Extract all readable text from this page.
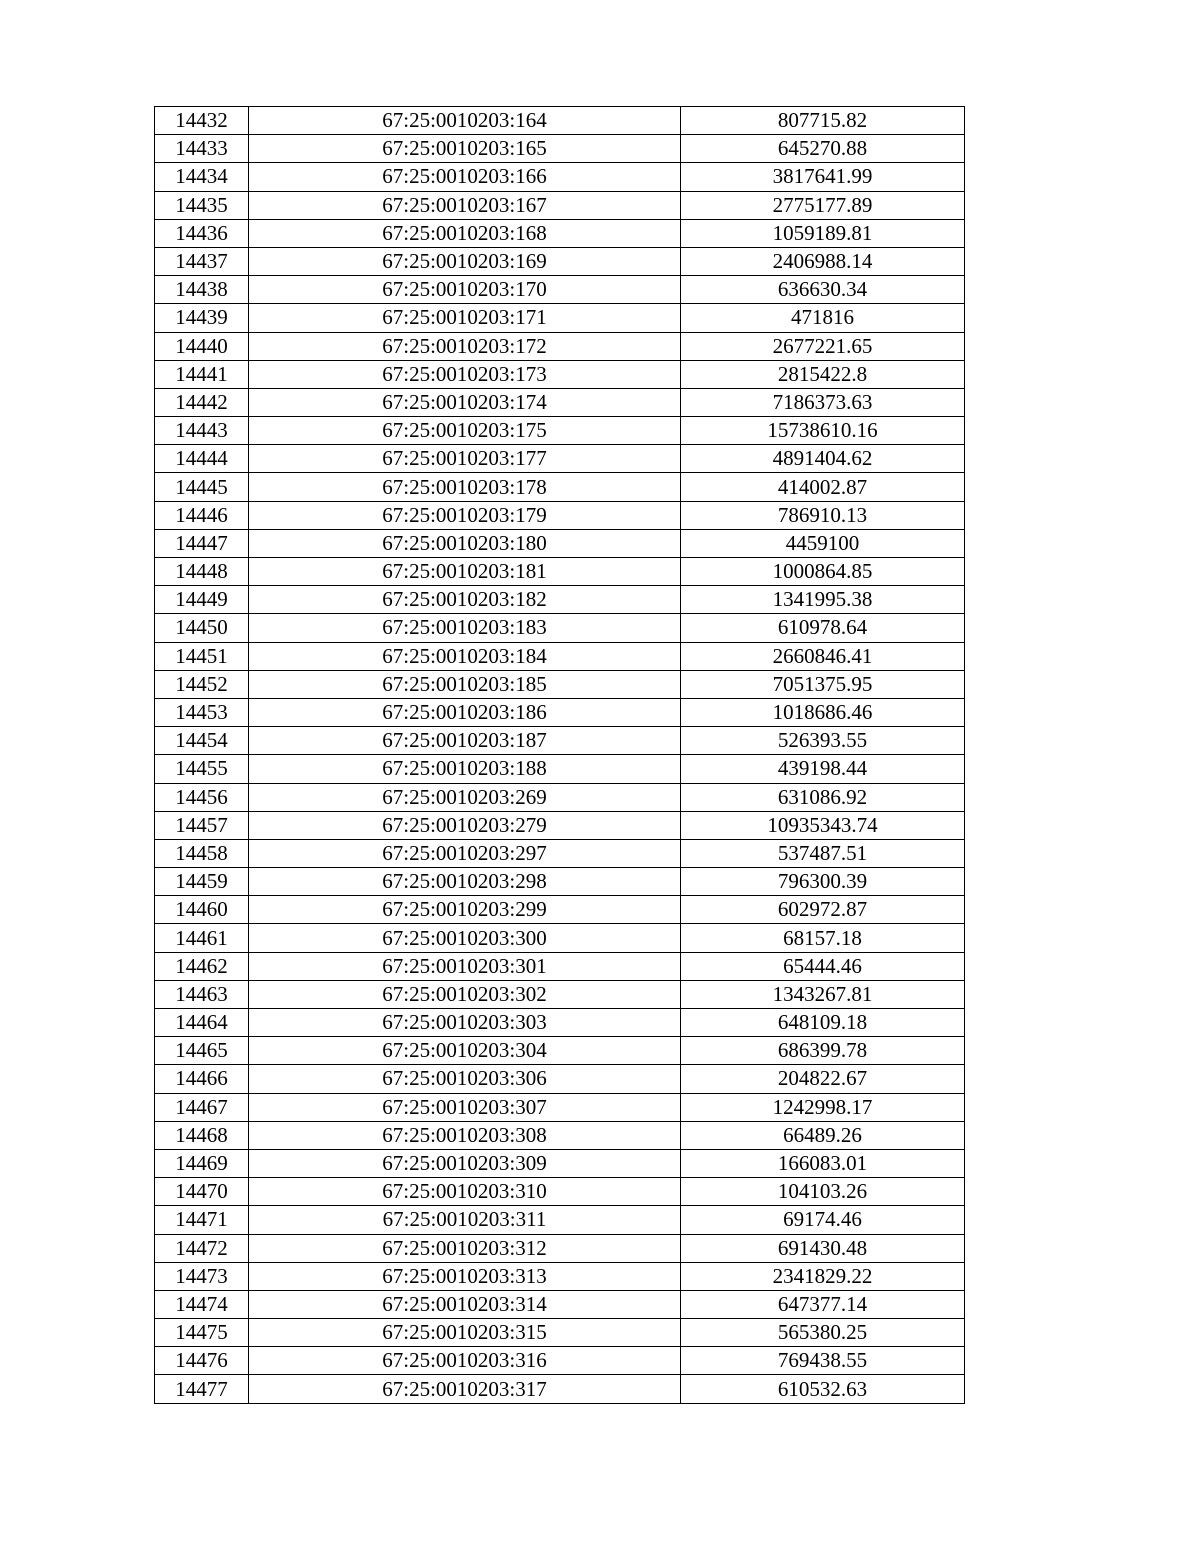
14432	67:25:0010203:164	807715.82
14433	67:25:0010203:165	645270.88
14434	67:25:0010203:166	3817641.99
14435	67:25:0010203:167	2775177.89
14436	67:25:0010203:168	1059189.81
14437	67:25:0010203:169	2406988.14
14438	67:25:0010203:170	636630.34
14439	67:25:0010203:171	471816
14440	67:25:0010203:172	2677221.65
14441	67:25:0010203:173	2815422.8
14442	67:25:0010203:174	7186373.63
14443	67:25:0010203:175	15738610.16
14444	67:25:0010203:177	4891404.62
14445	67:25:0010203:178	414002.87
14446	67:25:0010203:179	786910.13
14447	67:25:0010203:180	4459100
14448	67:25:0010203:181	1000864.85
14449	67:25:0010203:182	1341995.38
14450	67:25:0010203:183	610978.64
14451	67:25:0010203:184	2660846.41
14452	67:25:0010203:185	7051375.95
14453	67:25:0010203:186	1018686.46
14454	67:25:0010203:187	526393.55
14455	67:25:0010203:188	439198.44
14456	67:25:0010203:269	631086.92
14457	67:25:0010203:279	10935343.74
14458	67:25:0010203:297	537487.51
14459	67:25:0010203:298	796300.39
14460	67:25:0010203:299	602972.87
14461	67:25:0010203:300	68157.18
14462	67:25:0010203:301	65444.46
14463	67:25:0010203:302	1343267.81
14464	67:25:0010203:303	648109.18
14465	67:25:0010203:304	686399.78
14466	67:25:0010203:306	204822.67
14467	67:25:0010203:307	1242998.17
14468	67:25:0010203:308	66489.26
14469	67:25:0010203:309	166083.01
14470	67:25:0010203:310	104103.26
14471	67:25:0010203:311	69174.46
14472	67:25:0010203:312	691430.48
14473	67:25:0010203:313	2341829.22
14474	67:25:0010203:314	647377.14
14475	67:25:0010203:315	565380.25
14476	67:25:0010203:316	769438.55
14477	67:25:0010203:317	610532.63
